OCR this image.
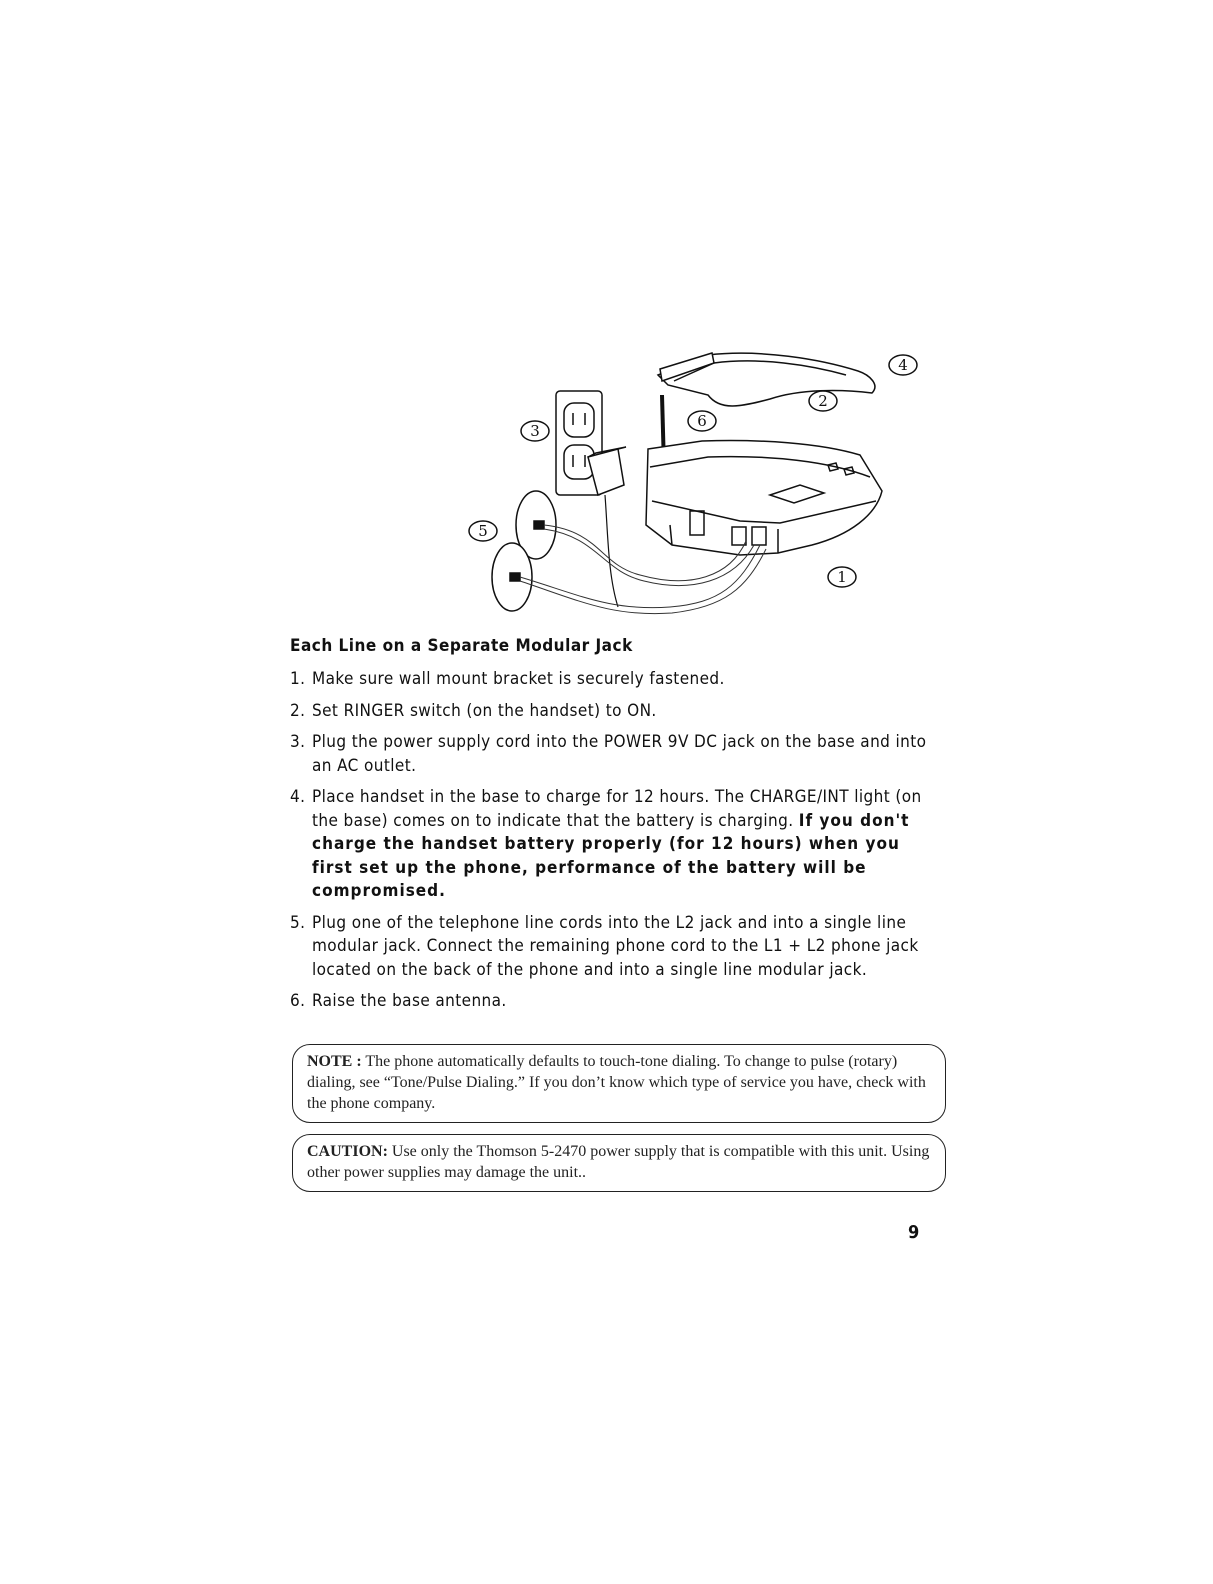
1
2
3
4
5
6
Each Line on a Separate Modular Jack
1. Make sure wall mount bracket is securely fastened.
2. Set RINGER switch (on the handset) to ON.
3. Plug the power supply cord into the POWER 9V DC jack on the base and into an AC outlet.
4. Place handset in the base to charge for 12 hours. The CHARGE/INT light (on the base) comes on to indicate that the battery is charging. If you don't charge the handset battery properly (for 12 hours) when you first set up the phone, performance of the battery will be compromised.
5. Plug one of the telephone line cords into the L2 jack and into a single line modular jack. Connect the remaining phone cord to the L1 + L2 phone jack located on the back of the phone and into a single line modular jack.
6. Raise the base antenna.
NOTE : The phone automatically defaults to touch-tone dialing. To change to pulse (rotary) dialing, see “Tone/Pulse Dialing.” If you don’t know which type of service you have, check with the phone company.
CAUTION: Use only the Thomson 5-2470 power supply that is compatible with this unit. Using other power supplies may damage the unit..
9
